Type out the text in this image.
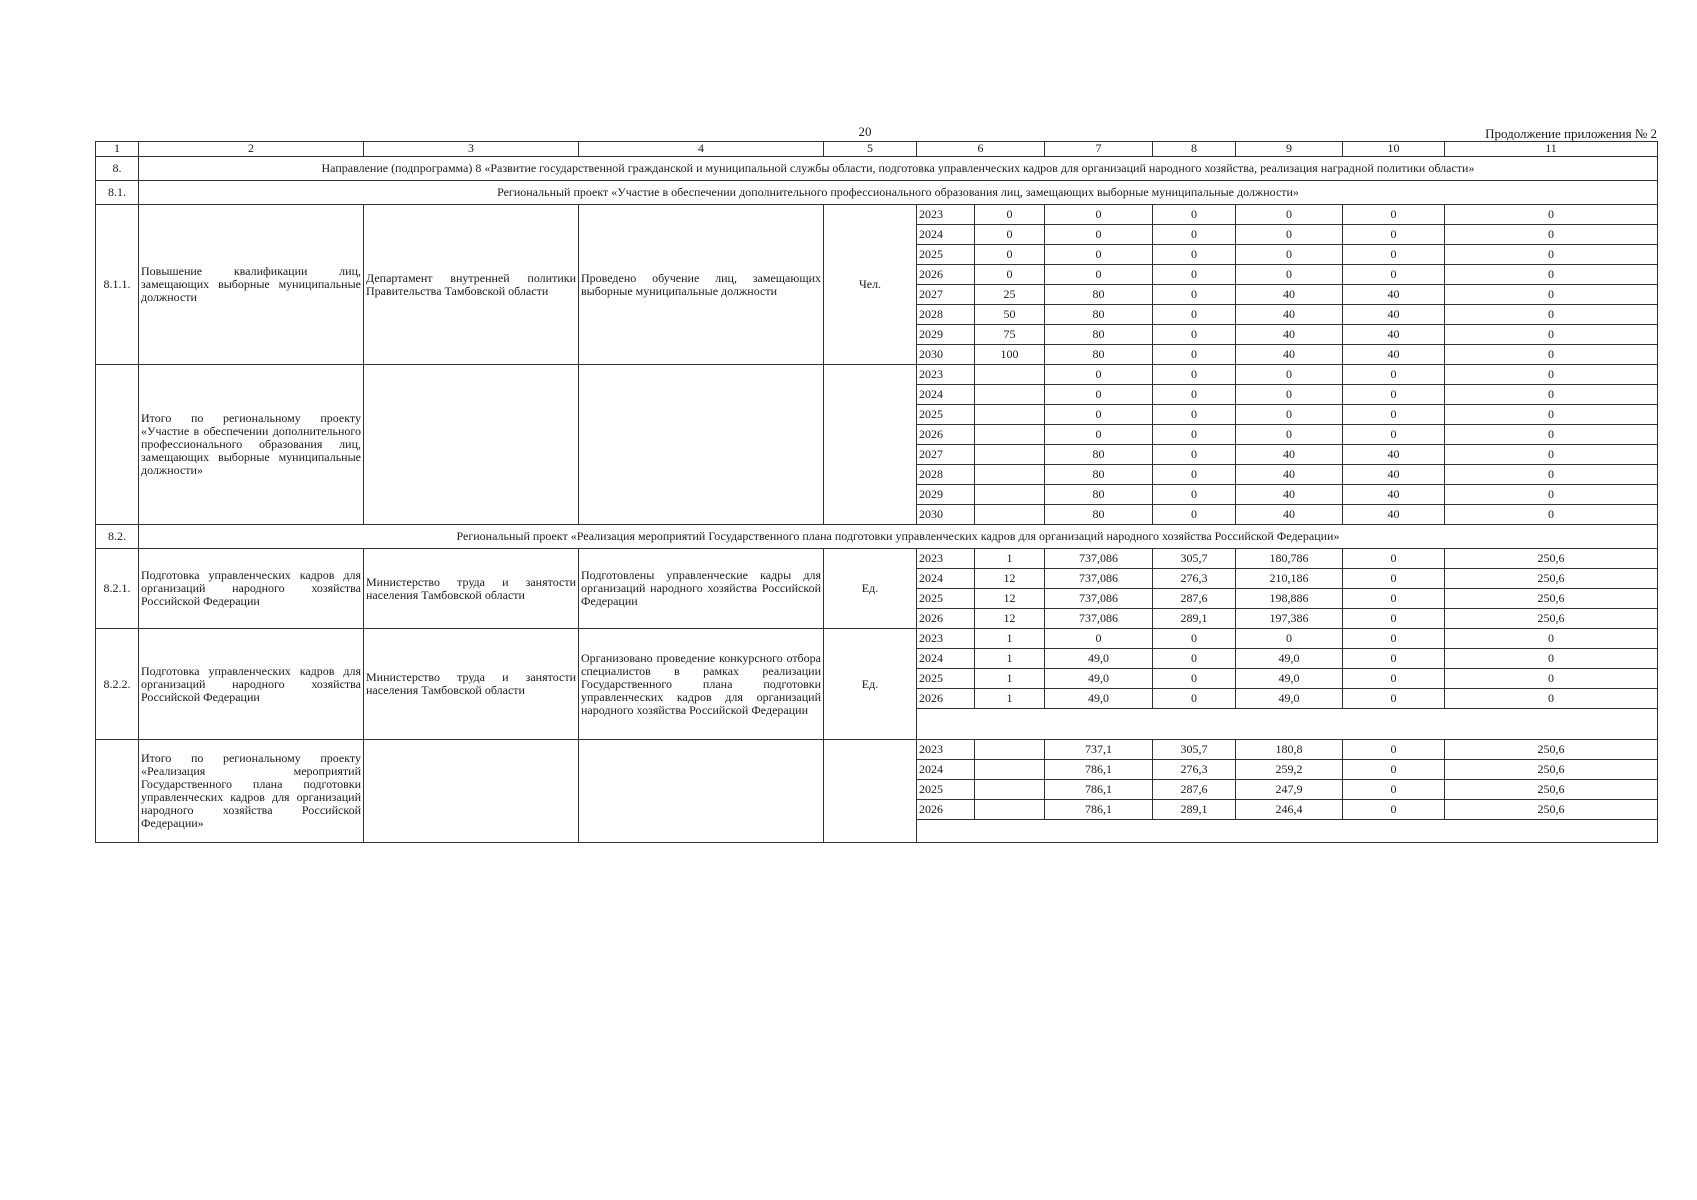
20	Продолжение приложения № 2
1	2	3	4	5	6		7	8	9	10	11
8.	Направление (подпрограмма) 8 «Развитие государственной гражданской и муниципальной службы области, подготовка управленческих кадров для организаций народного хозяйства, реализация наградной политики области»										
8.1.	Региональный проект «Участие в обеспечении дополнительного профессионального образования лиц, замещающих выборные муниципальные должности»										
8.1.1.	Повышение квалификации лиц, замещающих выборные муниципальные должности	Департамент внутренней политики Правительства Тамбовской области	Проведено обучение лиц, замещающих выборные муниципальные должности	Чел.	2023	0	0	0	0	0	0
					2024	0	0	0	0	0	0
					2025	0	0	0	0	0	0
					2026	0	0	0	0	0	0
					2027	25	80	0	40	40	0
					2028	50	80	0	40	40	0
					2029	75	80	0	40	40	0
					2030	100	80	0	40	40	0
	Итого по региональному проекту «Участие в обеспечении дополнительного профессионального образования лиц, замещающих выборные муниципальные должности»				2023		0	0	0	0	0
					2024		0	0	0	0	0
					2025		0	0	0	0	0
					2026		0	0	0	0	0
					2027		80	0	40	40	0
					2028		80	0	40	40	0
					2029		80	0	40	40	0
					2030		80	0	40	40	0
8.2.	Региональный проект «Реализация мероприятий Государственного плана подготовки управленческих кадров для организаций народного хозяйства Российской Федерации»										
8.2.1.	Подготовка управленческих кадров для организаций народного хозяйства Российской Федерации	Министерство труда и занятости населения Тамбовской области	Подготовлены управленческие кадры для организаций народного хозяйства Российской Федерации	Ед.	2023	1	737,086	305,7	180,786	0	250,6
					2024	12	737,086	276,3	210,186	0	250,6
					2025	12	737,086	287,6	198,886	0	250,6
					2026	12	737,086	289,1	197,386	0	250,6
8.2.2.	Подготовка управленческих кадров для организаций народного хозяйства Российской Федерации	Министерство труда и занятости населения Тамбовской области	Организовано проведение конкурсного отбора специалистов в рамках реализации Государственного плана подготовки управленческих кадров для организаций народного хозяйства Российской Федерации	Ед.	2023	1	0	0	0	0	0
					2024	1	49,0	0	49,0	0	0
					2025	1	49,0	0	49,0	0	0
					2026	1	49,0	0	49,0	0	0

	Итого по региональному проекту «Реализация мероприятий Государственного плана подготовки управленческих кадров для организаций народного хозяйства Российской Федерации»				2023		737,1	305,7	180,8	0	250,6
					2024		786,1	276,3	259,2	0	250,6
					2025		786,1	287,6	247,9	0	250,6
					2026		786,1	289,1	246,4	0	250,6
